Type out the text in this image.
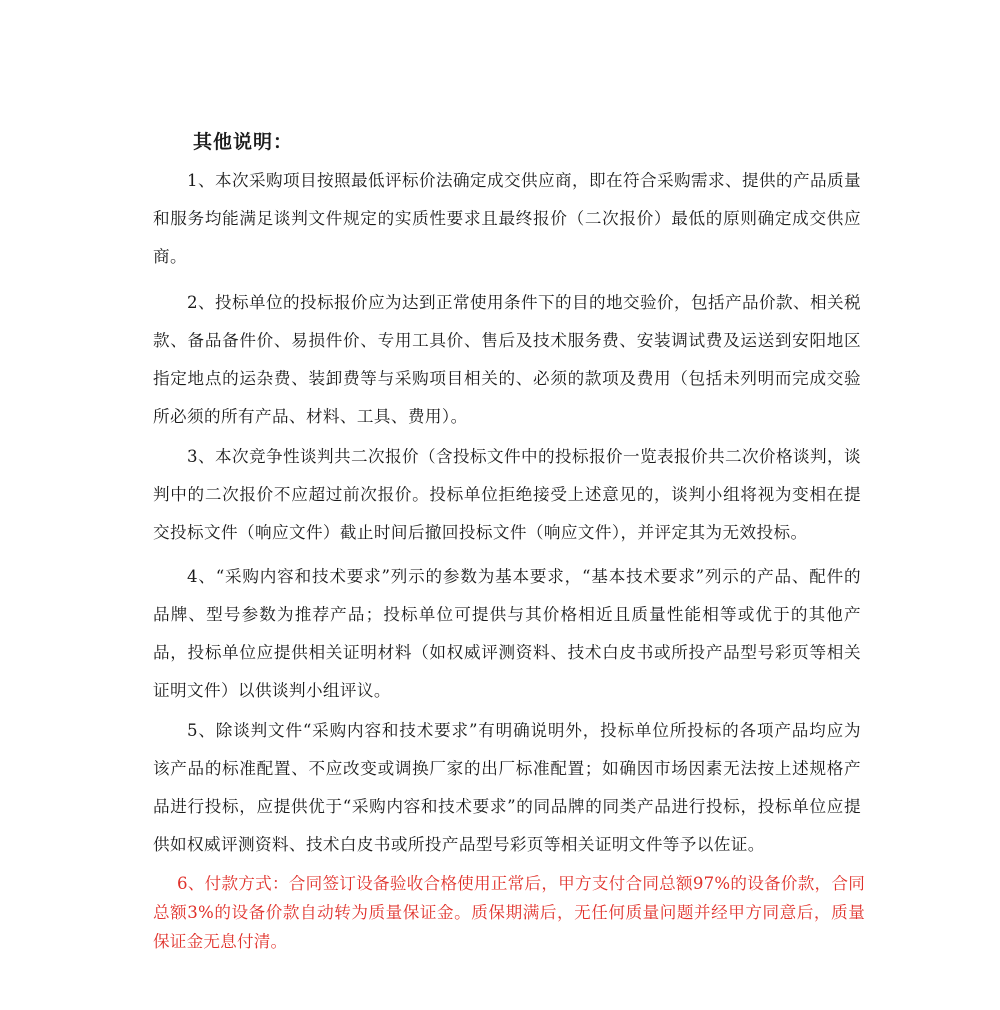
其他说明：

1、本次采购项目按照最低评标价法确定成交供应商，即在符合采购需求、提供的产品质量和服务均能满足谈判文件规定的实质性要求且最终报价（二次报价）最低的原则确定成交供应商。

2、投标单位的投标报价应为达到正常使用条件下的目的地交验价，包括产品价款、相关税款、备品备件价、易损件价、专用工具价、售后及技术服务费、安装调试费及运送到安阳地区指定地点的运杂费、装卸费等与采购项目相关的、必须的款项及费用（包括未列明而完成交验所必须的所有产品、材料、工具、费用）。

3、本次竞争性谈判共二次报价（含投标文件中的投标报价一览表报价共二次价格谈判，谈判中的二次报价不应超过前次报价。投标单位拒绝接受上述意见的，谈判小组将视为变相在提交投标文件（响应文件）截止时间后撤回投标文件（响应文件），并评定其为无效投标。

4、“采购内容和技术要求”列示的参数为基本要求，“基本技术要求”列示的产品、配件的品牌、型号参数为推荐产品；投标单位可提供与其价格相近且质量性能相等或优于的其他产品，投标单位应提供相关证明材料（如权威评测资料、技术白皮书或所投产品型号彩页等相关证明文件）以供谈判小组评议。

5、除谈判文件“采购内容和技术要求”有明确说明外，投标单位所投标的各项产品均应为该产品的标准配置、不应改变或调换厂家的出厂标准配置；如确因市场因素无法按上述规格产品进行投标，应提供优于“采购内容和技术要求”的同品牌的同类产品进行投标，投标单位应提供如权威评测资料、技术白皮书或所投产品型号彩页等相关证明文件等予以佐证。

6、付款方式：合同签订设备验收合格使用正常后，甲方支付合同总额97%的设备价款，合同总额3%的设备价款自动转为质量保证金。质保期满后，无任何质量问题并经甲方同意后，质量保证金无息付清。
